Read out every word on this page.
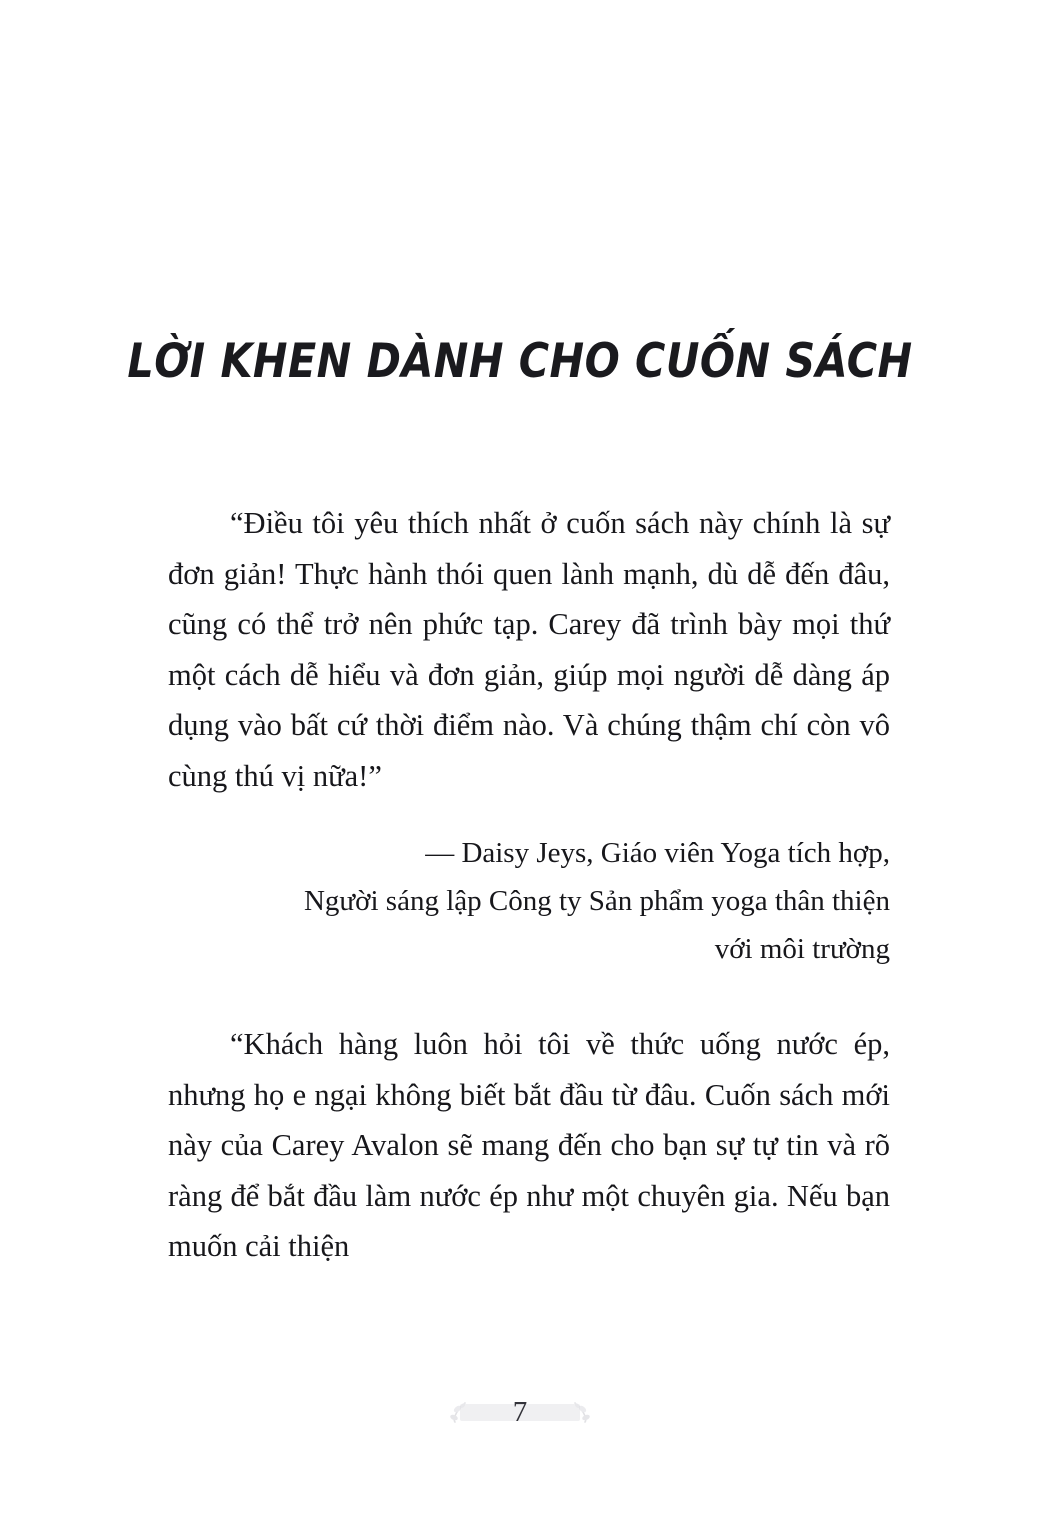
LỜI KHEN DÀNH CHO CUỐN SÁCH

“Điều tôi yêu thích nhất ở cuốn sách này chính là sự đơn giản! Thực hành thói quen lành mạnh, dù dễ đến đâu, cũng có thể trở nên phức tạp. Carey đã trình bày mọi thứ một cách dễ hiểu và đơn giản, giúp mọi người dễ dàng áp dụng vào bất cứ thời điểm nào. Và chúng thậm chí còn vô cùng thú vị nữa!”

— Daisy Jeys, Giáo viên Yoga tích hợp,
Người sáng lập Công ty Sản phẩm yoga thân thiện
với môi trường

“Khách hàng luôn hỏi tôi về thức uống nước ép, nhưng họ e ngại không biết bắt đầu từ đâu. Cuốn sách mới này của Carey Avalon sẽ mang đến cho bạn sự tự tin và rõ ràng để bắt đầu làm nước ép như một chuyên gia. Nếu bạn muốn cải thiện

7
